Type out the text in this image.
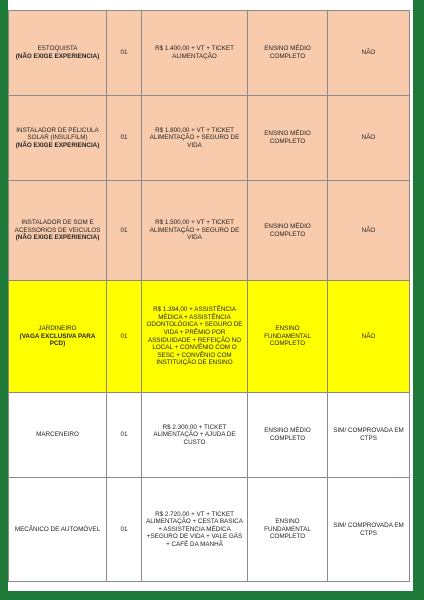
ESTOQUISTA
(NÃO EXIGE EXPERIENCIA)	01	R$ 1.400,00 + VT + TICKET ALIMENTAÇÃO	ENSINO MÉDIO COMPLETO	NÃO
INSTALADOR DE PELICULA SOLAR (INSULFILM)
(NÃO EXIGE EXPERIENCIA)	01	R$ 1.800,00 + VT + TICKET ALIMENTAÇÃO + SEGURO DE VIDA	ENSINO MÉDIO COMPLETO	NÃO
INSTALADOR DE SOM E ACESSORIOS DE VEICULOS
(NÃO EXIGE EXPERIENCIA)	01	R$ 1.500,00 + VT + TICKET ALIMENTAÇÃO + SEGURO DE VIDA	ENSINO MÉDIO COMPLETO	NÃO
JARDINEIRO
(VAGA EXCLUSIVA PARA PCD)	01	R$ 1.394,00 + ASSISTÊNCIA MÉDICA + ASSISTÊNCIA ODONTOLÓGICA + SEGURO DE VIDA + PRÊMIO POR ASSIDUIDADE + REFEIÇÃO NO LOCAL + CONVÊNIO COM O SESC + CONVÊNIO COM INSTITUIÇÃO DE ENSINO	ENSINO FUNDAMENTAL COMPLETO	NÃO
MARCENEIRO	01	R$ 2.300,00 + TICKET ALIMENTAÇÃO + AJUDA DE CUSTO	ENSINO MÉDIO COMPLETO	SIM/ COMPROVADA EM CTPS
MECÂNICO DE AUTOMÓVEL	01	R$ 2.720,00 + VT + TICKET ALIMENTAÇÃO + CESTA BASICA + ASSISTENCIA MÉDICA +SEGURO DE VIDA + VALE GÁS + CAFÉ DA MANHÃ	ENSINO FUNDAMENTAL COMPLETO	SIM/ COMPROVADA EM CTPS
